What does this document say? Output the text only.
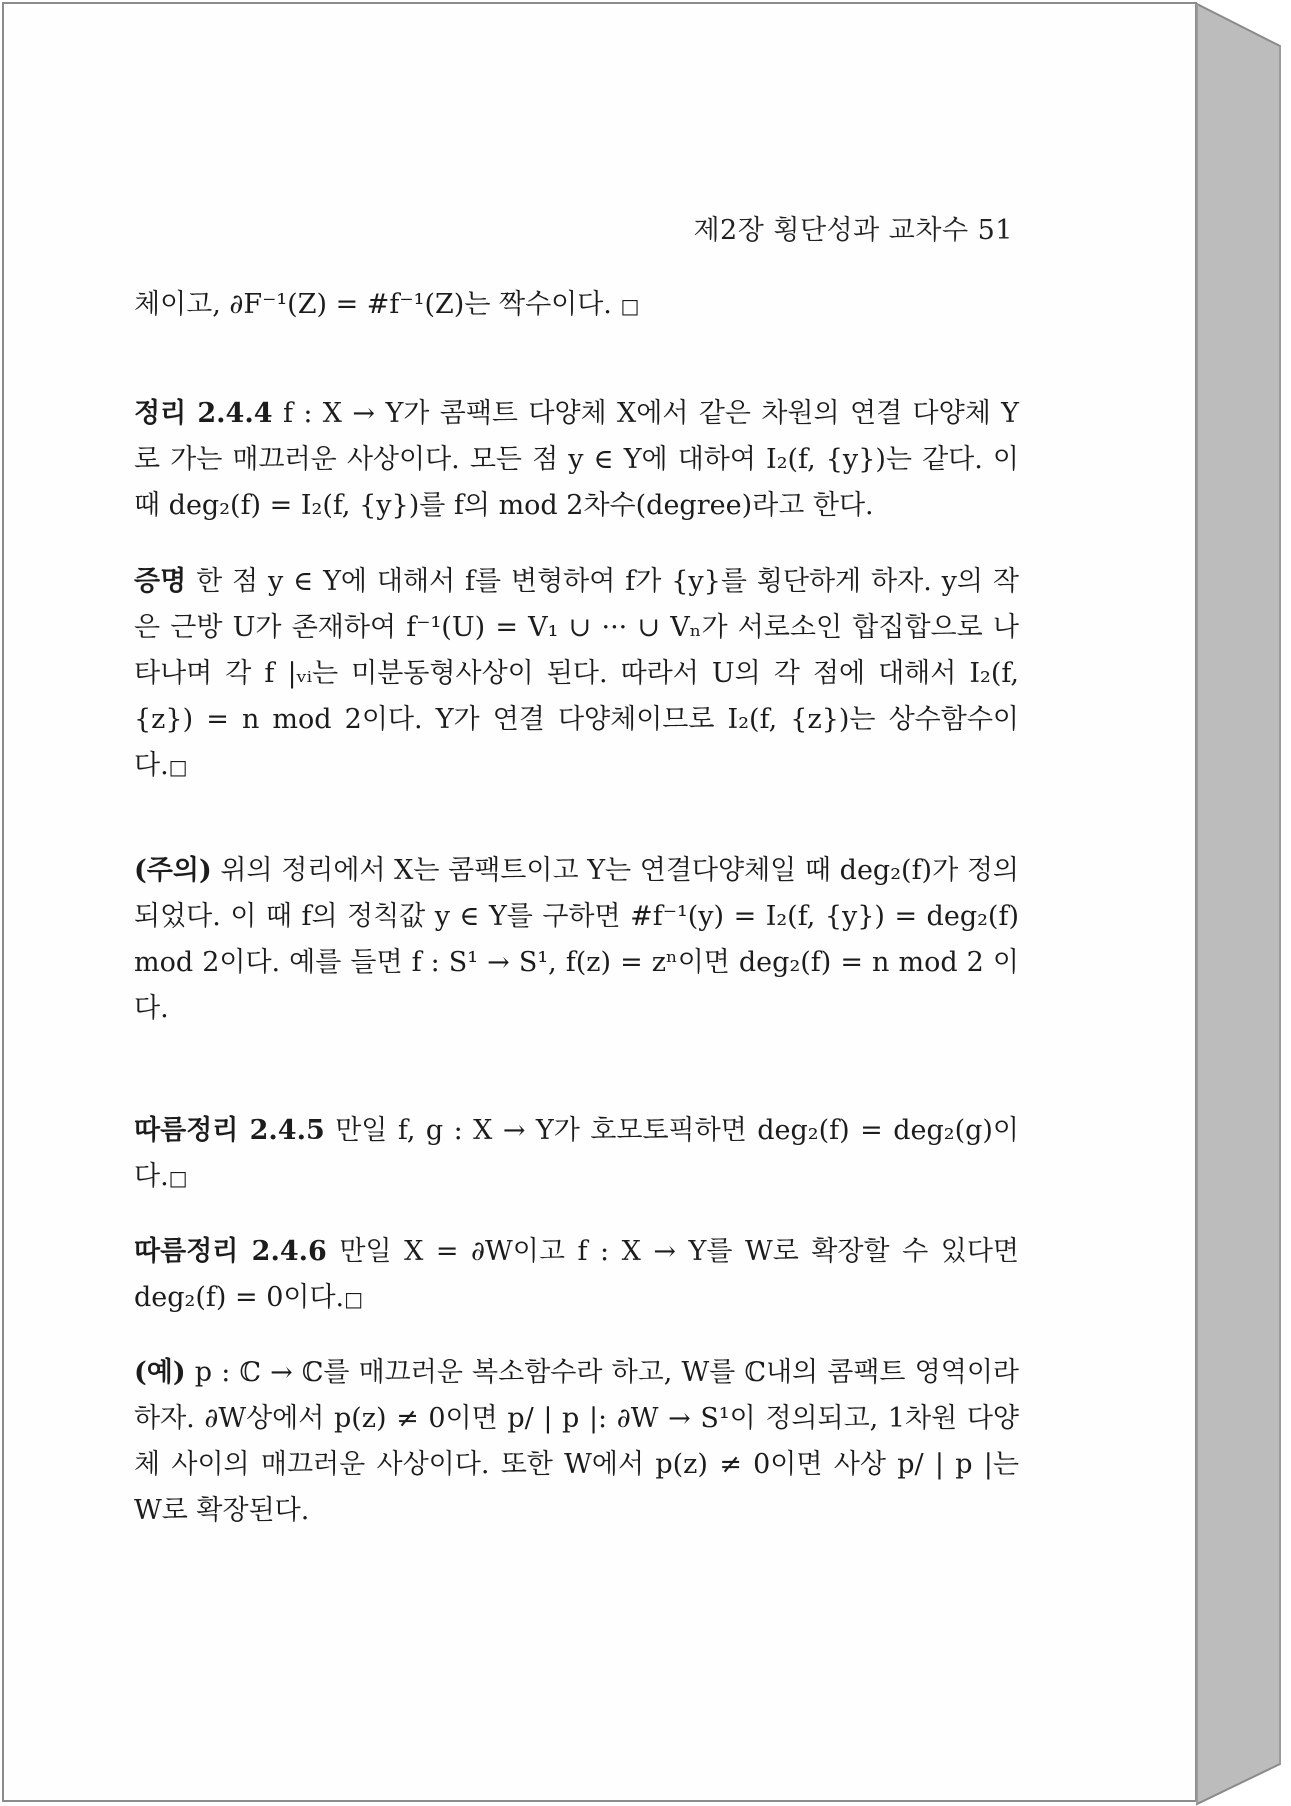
제2장 횡단성과 교차수 51

체이고, ∂F⁻¹(Z) = #f⁻¹(Z)는 짝수이다. □

정리 2.4.4 f : X → Y가 콤팩트 다양체 X에서 같은 차원의 연결 다양체 Y로 가는 매끄러운 사상이다. 모든 점 y ∈ Y에 대하여 I₂(f, {y})는 같다. 이 때 deg₂(f) = I₂(f, {y})를 f의 mod 2차수(degree)라고 한다.

증명 한 점 y ∈ Y에 대해서 f를 변형하여 f가 {y}를 횡단하게 하자. y의 작은 근방 U가 존재하여 f⁻¹(U) = V₁ ∪ ··· ∪ Vₙ가 서로소인 합집합으로 나타나며 각 f |ᵥᵢ는 미분동형사상이 된다. 따라서 U의 각 점에 대해서 I₂(f, {z}) = n mod 2이다. Y가 연결 다양체이므로 I₂(f, {z})는 상수함수이다.□

(주의) 위의 정리에서 X는 콤팩트이고 Y는 연결다양체일 때 deg₂(f)가 정의되었다. 이 때 f의 정칙값 y ∈ Y를 구하면 #f⁻¹(y) = I₂(f, {y}) = deg₂(f) mod 2이다. 예를 들면 f : S¹ → S¹, f(z) = zⁿ이면 deg₂(f) = n mod 2 이다.

따름정리 2.4.5 만일 f, g : X → Y가 호모토픽하면 deg₂(f) = deg₂(g)이다.□

따름정리 2.4.6 만일 X = ∂W이고 f : X → Y를 W로 확장할 수 있다면 deg₂(f) = 0이다.□

(예) p : ℂ → ℂ를 매끄러운 복소함수라 하고, W를 ℂ내의 콤팩트 영역이라 하자. ∂W상에서 p(z) ≠ 0이면 p/ | p |: ∂W → S¹이 정의되고, 1차원 다양체 사이의 매끄러운 사상이다. 또한 W에서 p(z) ≠ 0이면 사상 p/ | p |는 W로 확장된다.
